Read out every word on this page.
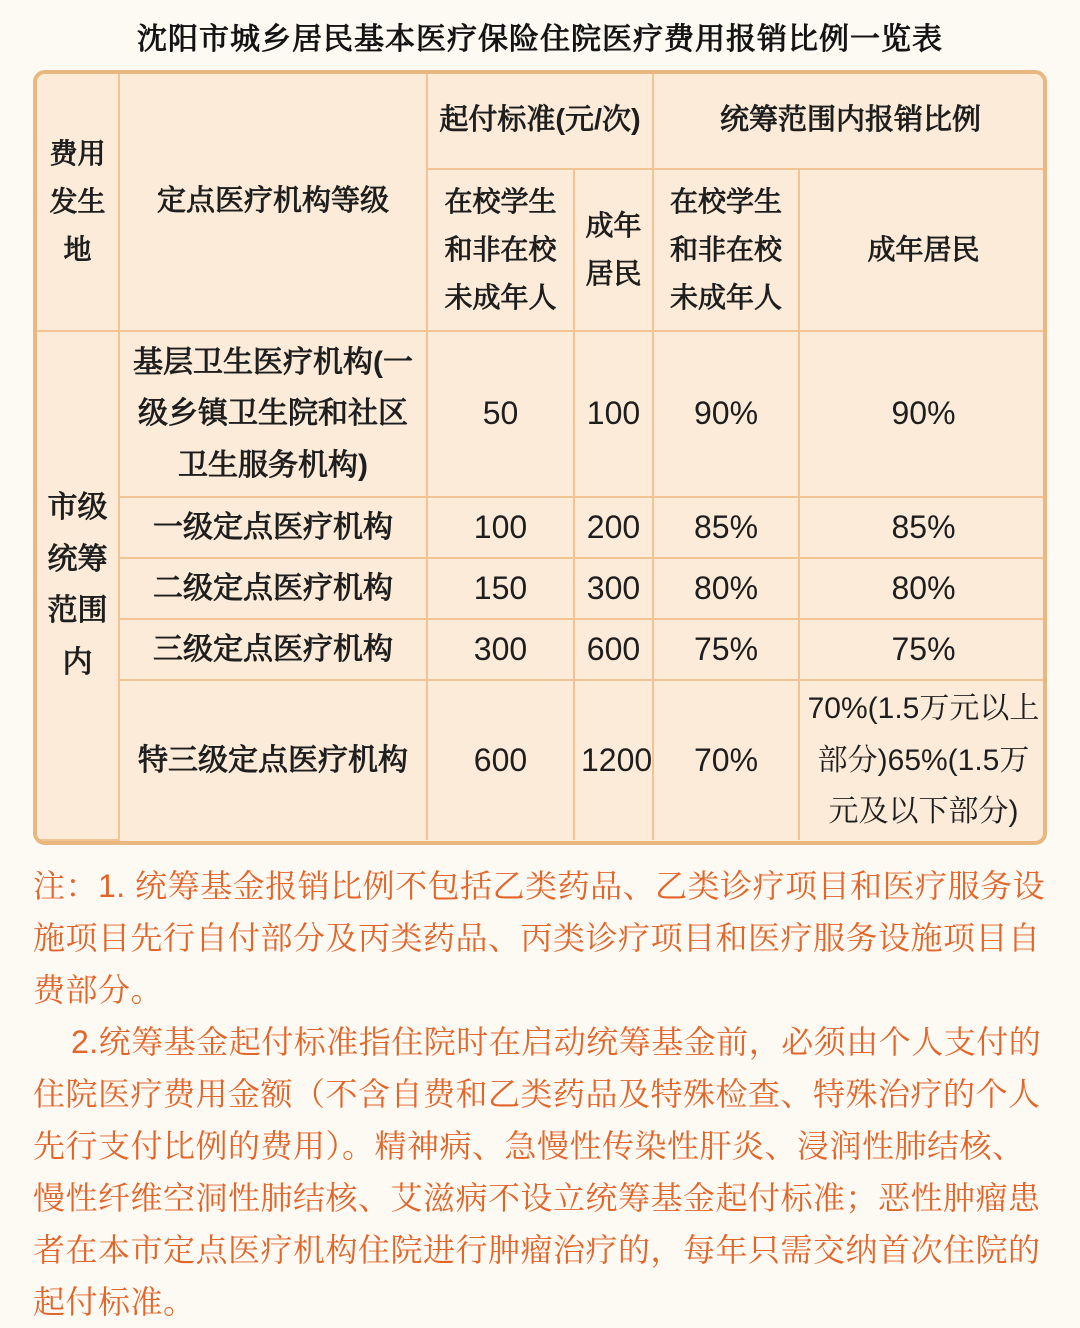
沈阳市城乡居民基本医疗保险住院医疗费用报销比例一览表
费用发生地	定点医疗机构等级	起付标准(元/次)		统筹范围内报销比例	
		在校学生和非在校未成年人	成年居民	在校学生和非在校未成年人	成年居民
市级统筹范围内	基层卫生医疗机构(一级乡镇卫生院和社区卫生服务机构)	50	100	90%	90%
	一级定点医疗机构	100	200	85%	85%
	二级定点医疗机构	150	300	80%	80%
	三级定点医疗机构	300	600	75%	75%
	特三级定点医疗机构	600	1200	70%	70%(1.5万元以上部分)65%(1.5万元及以下部分)

注：1. 统筹基金报销比例不包括乙类药品、乙类诊疗项目和医疗服务设施项目先行自付部分及丙类药品、丙类诊疗项目和医疗服务设施项目自费部分。

2.统筹基金起付标准指住院时在启动统筹基金前，必须由个人支付的住院医疗费用金额（不含自费和乙类药品及特殊检查、特殊治疗的个人先行支付比例的费用）。精神病、急慢性传染性肝炎、浸润性肺结核、慢性纤维空洞性肺结核、艾滋病不设立统筹基金起付标准；恶性肿瘤患者在本市定点医疗机构住院进行肿瘤治疗的，每年只需交纳首次住院的起付标准。
